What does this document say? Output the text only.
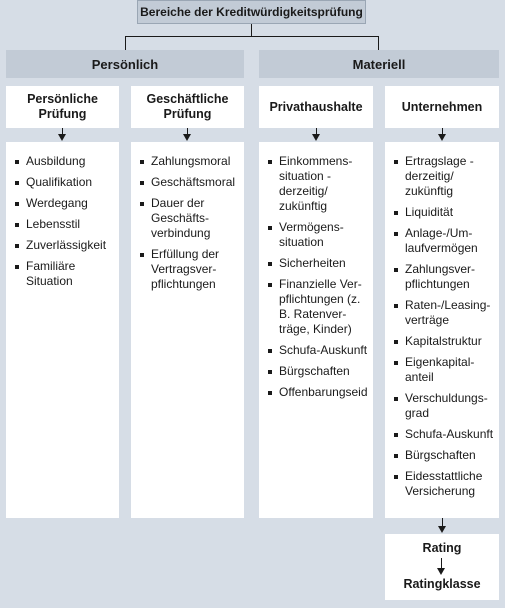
Bereiche der Kreditwürdigkeitsprüfung
Persönlich	Materiell
Persönliche
Prüfung
Geschäftliche
Prüfung
Privathaushalte	Unternehmen
Ausbildung
Qualifikation
Werdegang
Lebensstil
Zuverlässigkeit
Familiäre Situation
Zahlungsmoral
Geschäftsmoral
Dauer der Geschäftsverbindung
Erfüllung der Vertragsverpflichtungen
Einkommenssituation - derzeitig/ zukünftig
Vermögenssituation
Sicherheiten
Finanzielle Verpflichtungen (z. B. Ratenverträge, Kinder)
Schufa-Auskunft
Bürgschaften
Offenbarungseid
Ertragslage - derzeitig/ zukünftig
Liquidität
Anlage-/Umlaufvermögen
Zahlungsverpflichtungen
Raten-/Leasingverträge
Kapitalstruktur
Eigenkapitalanteil
Verschuldungsgrad
Schufa-Auskunft
Bürgschaften
Eidesstattliche Versicherung
Rating
Ratingklasse
